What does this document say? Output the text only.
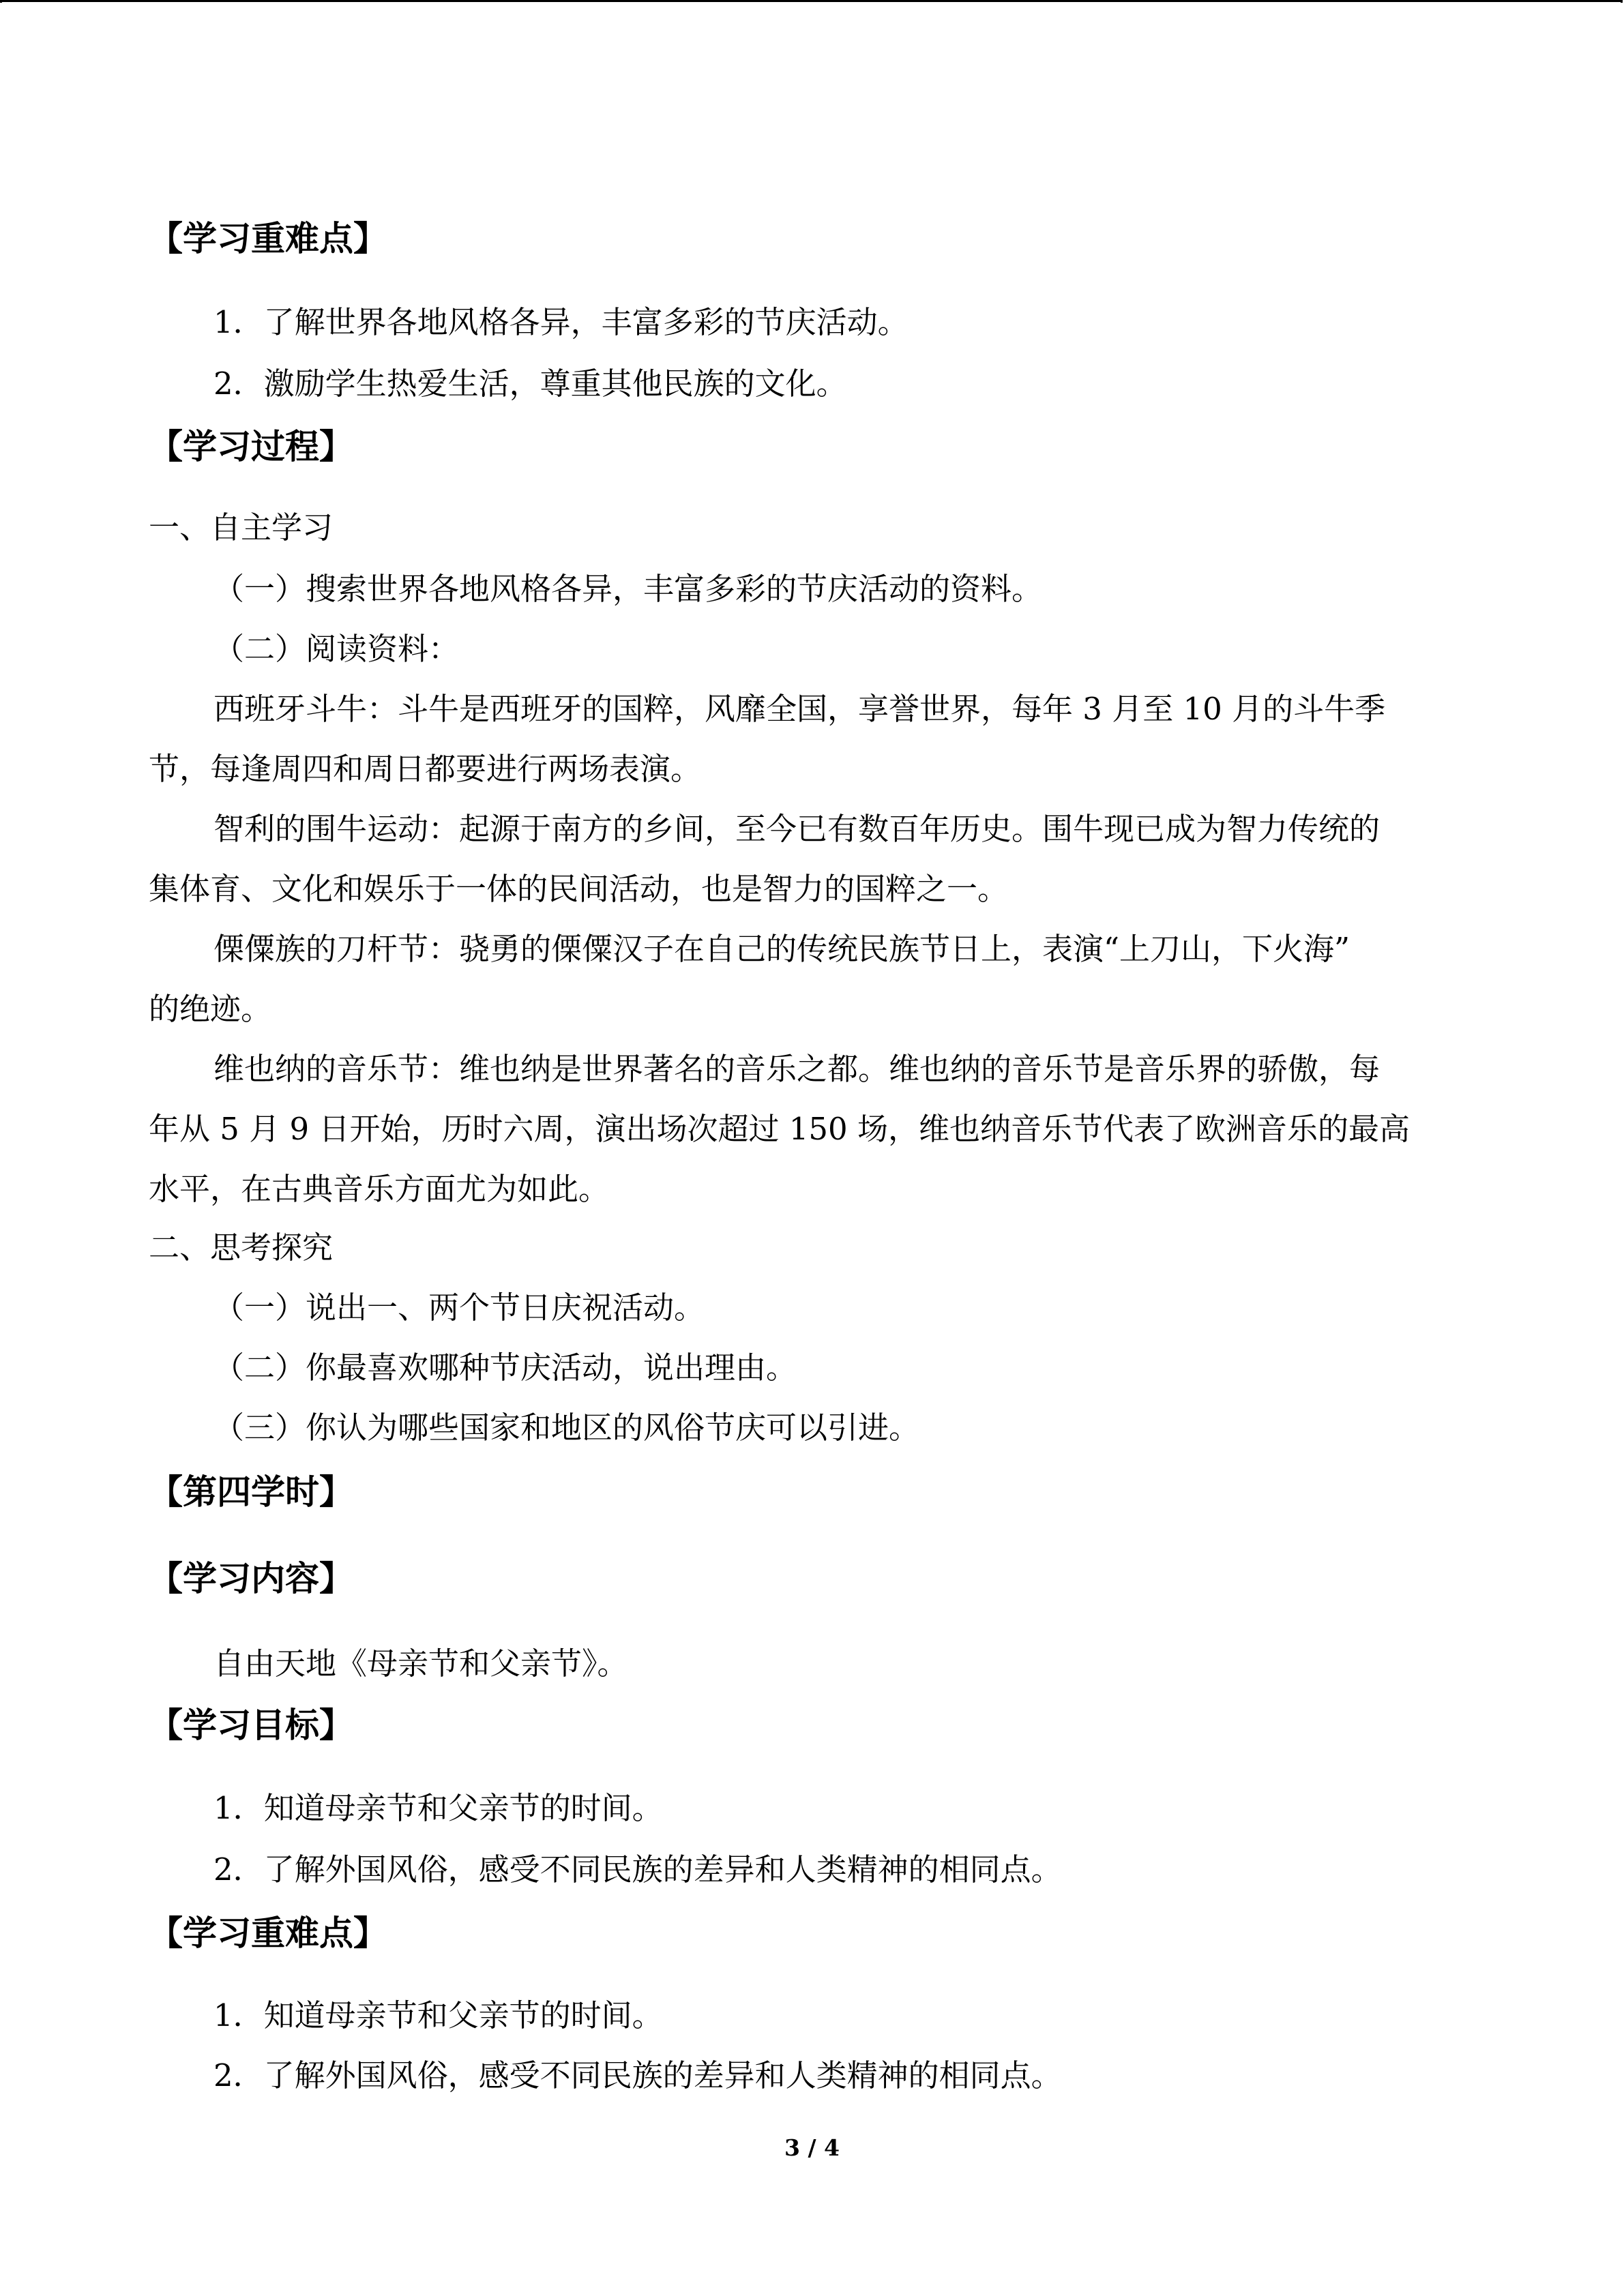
【学习重难点】
1．了解世界各地风格各异，丰富多彩的节庆活动。
2．激励学生热爱生活，尊重其他民族的文化。
【学习过程】
一、自主学习
（一）搜索世界各地风格各异，丰富多彩的节庆活动的资料。
（二）阅读资料：
西班牙斗牛：斗牛是西班牙的国粹，风靡全国，享誉世界，每年 3 月至 10 月的斗牛季
节，每逢周四和周日都要进行两场表演。
智利的围牛运动：起源于南方的乡间，至今已有数百年历史。围牛现已成为智力传统的
集体育、文化和娱乐于一体的民间活动，也是智力的国粹之一。
傈僳族的刀杆节：骁勇的傈僳汉子在自己的传统民族节日上，表演“上刀山，下火海”
的绝迹。
维也纳的音乐节：维也纳是世界著名的音乐之都。维也纳的音乐节是音乐界的骄傲，每
年从 5 月 9 日开始，历时六周，演出场次超过 150 场，维也纳音乐节代表了欧洲音乐的最高
水平，在古典音乐方面尤为如此。
二、思考探究
（一）说出一、两个节日庆祝活动。
（二）你最喜欢哪种节庆活动，说出理由。
（三）你认为哪些国家和地区的风俗节庆可以引进。
【第四学时】
【学习内容】
自由天地《母亲节和父亲节》。
【学习目标】
1．知道母亲节和父亲节的时间。
2．了解外国风俗，感受不同民族的差异和人类精神的相同点。
【学习重难点】
1．知道母亲节和父亲节的时间。
2．了解外国风俗，感受不同民族的差异和人类精神的相同点。
3 / 4
